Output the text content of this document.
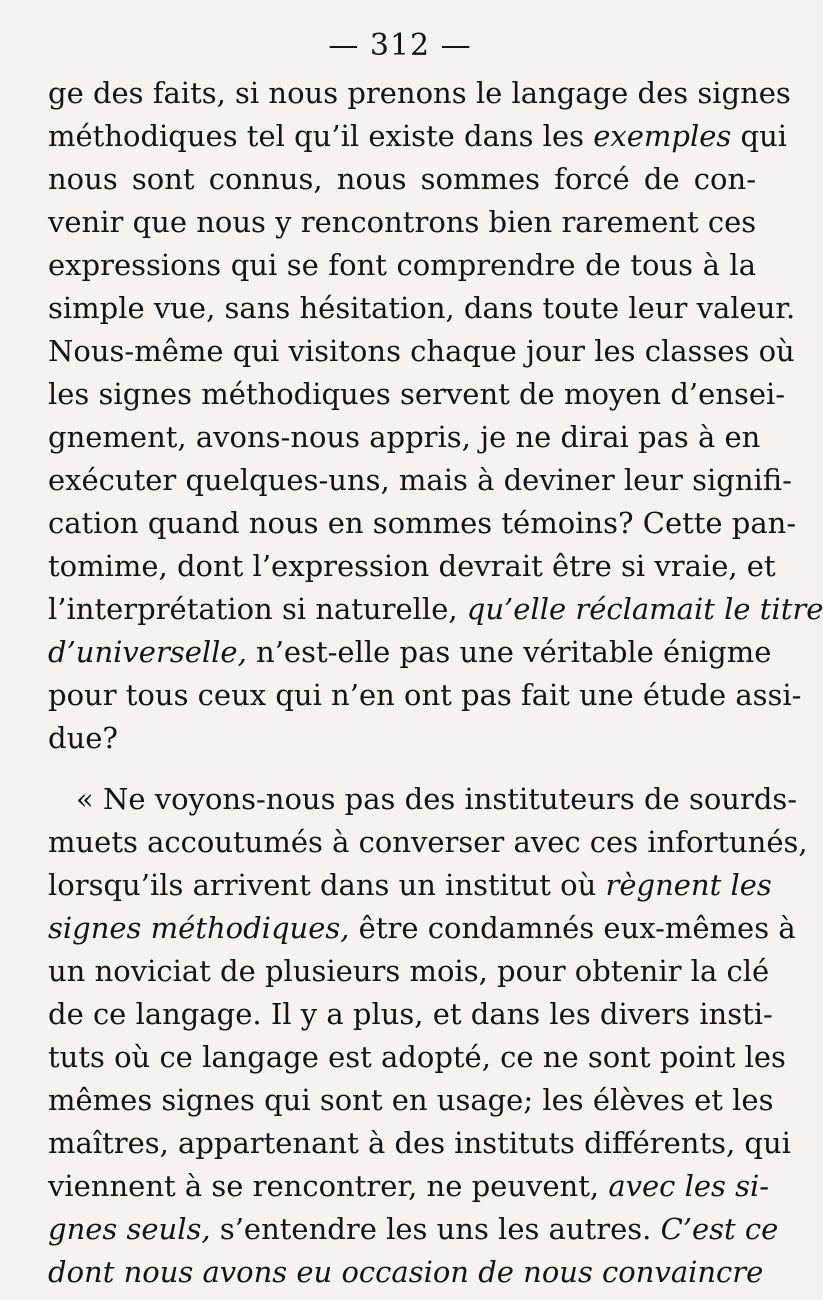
— 312 —
ge des faits, si nous prenons le langage des signes
méthodiques tel qu’il existe dans les exemples qui
nous sont connus, nous sommes forcé de con-
venir que nous y rencontrons bien rarement ces
expressions qui se font comprendre de tous à la
simple vue, sans hésitation, dans toute leur valeur.
Nous-même qui visitons chaque jour les classes où
les signes méthodiques servent de moyen d’ensei-
gnement, avons-nous appris, je ne dirai pas à en
exécuter quelques-uns, mais à deviner leur signifi-
cation quand nous en sommes témoins? Cette pan-
tomime, dont l’expression devrait être si vraie, et
l’interprétation si naturelle, qu’elle réclamait le titre
d’universelle, n’est-elle pas une véritable énigme
pour tous ceux qui n’en ont pas fait une étude assi-
due?
« Ne voyons-nous pas des instituteurs de sourds-
muets accoutumés à converser avec ces infortunés,
lorsqu’ils arrivent dans un institut où règnent les
signes méthodiques, être condamnés eux-mêmes à
un noviciat de plusieurs mois, pour obtenir la clé
de ce langage. Il y a plus, et dans les divers insti-
tuts où ce langage est adopté, ce ne sont point les
mêmes signes qui sont en usage; les élèves et les
maîtres, appartenant à des instituts différents, qui
viennent à se rencontrer, ne peuvent, avec les si-
gnes seuls, s’entendre les uns les autres. C’est ce
dont nous avons eu occasion de nous convaincre
